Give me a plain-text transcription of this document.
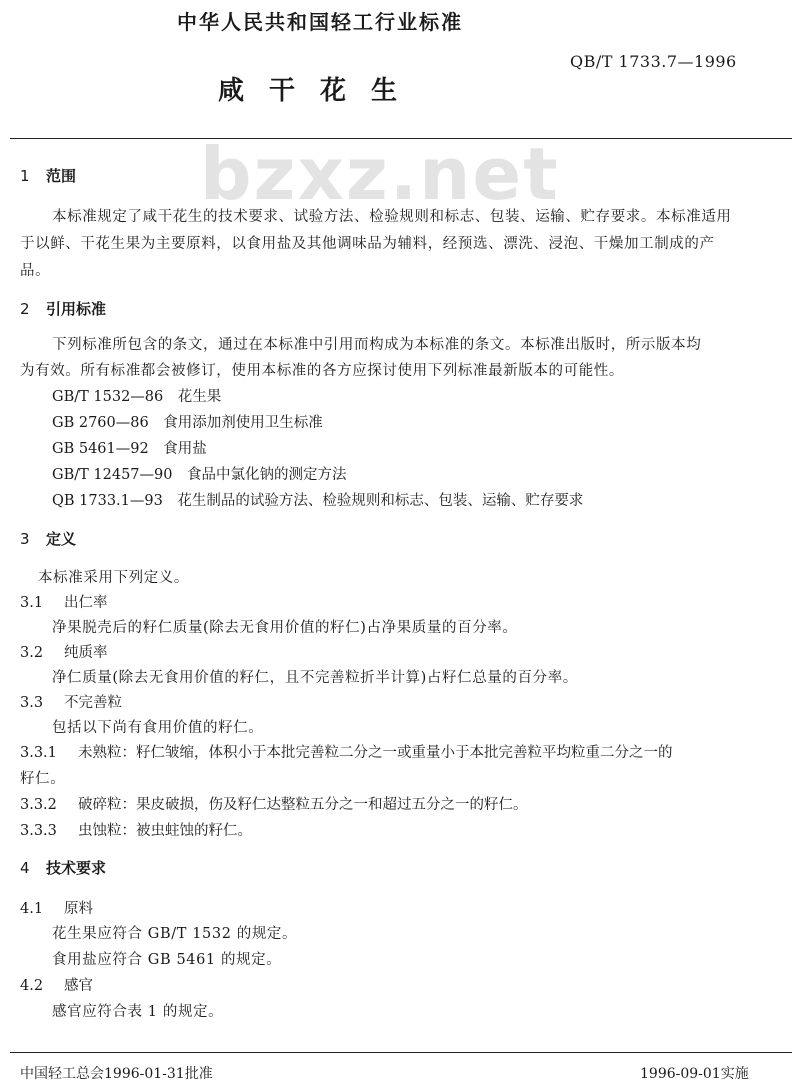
中华人民共和国轻工行业标准
QB/T 1733.7—1996
咸干花生
bzxz.net
1 范围
本标准规定了咸干花生的技术要求、试验方法、检验规则和标志、包装、运输、贮存要求。本标准适用
于以鲜、干花生果为主要原料，以食用盐及其他调味品为辅料，经预选、漂洗、浸泡、干燥加工制成的产
品。
2 引用标准
下列标准所包含的条文，通过在本标准中引用而构成为本标准的条文。本标准出版时，所示版本均
为有效。所有标准都会被修订，使用本标准的各方应探讨使用下列标准最新版本的可能性。
GB/T 1532—86　花生果
GB 2760—86　食用添加剂使用卫生标准
GB 5461—92　食用盐
GB/T 12457—90　食品中氯化钠的测定方法
QB 1733.1—93　花生制品的试验方法、检验规则和标志、包装、运输、贮存要求
3 定义
本标准采用下列定义。
3.1 出仁率
净果脱壳后的籽仁质量(除去无食用价值的籽仁)占净果质量的百分率。
3.2 纯质率
净仁质量(除去无食用价值的籽仁，且不完善粒折半计算)占籽仁总量的百分率。
3.3 不完善粒
包括以下尚有食用价值的籽仁。
3.3.1 未熟粒：籽仁皱缩，体积小于本批完善粒二分之一或重量小于本批完善粒平均粒重二分之一的
籽仁。
3.3.2 破碎粒：果皮破损，伤及籽仁达整粒五分之一和超过五分之一的籽仁。
3.3.3 虫蚀粒：被虫蛀蚀的籽仁。
4 技术要求
4.1 原料
花生果应符合 GB/T 1532 的规定。
食用盐应符合 GB 5461 的规定。
4.2 感官
感官应符合表 1 的规定。
中国轻工总会1996-01-31批准	1996-09-01实施
